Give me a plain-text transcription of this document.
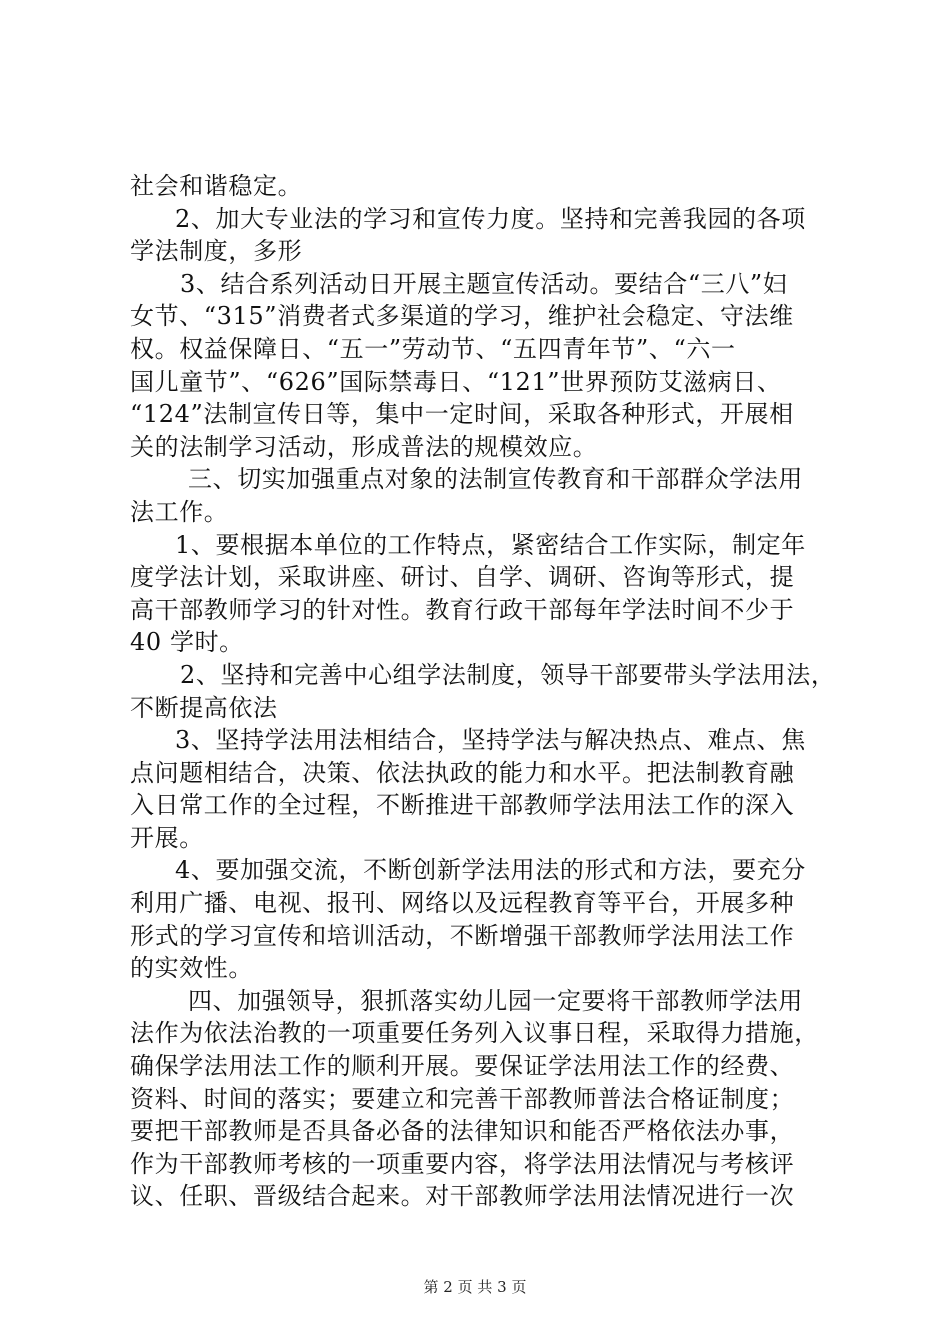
社会和谐稳定。
2、加大专业法的学习和宣传力度。坚持和完善我园的各项
学法制度，多形
3、结合系列活动日开展主题宣传活动。要结合“三八”妇
女节、“315”消费者式多渠道的学习，维护社会稳定、守法维
权。权益保障日、“五一”劳动节、“五四青年节”、“六一
国儿童节”、“626”国际禁毒日、“121”世界预防艾滋病日、
“124”法制宣传日等，集中一定时间，采取各种形式，开展相
关的法制学习活动，形成普法的规模效应。
三、切实加强重点对象的法制宣传教育和干部群众学法用
法工作。
1、要根据本单位的工作特点，紧密结合工作实际，制定年
度学法计划，采取讲座、研讨、自学、调研、咨询等形式，提
高干部教师学习的针对性。教育行政干部每年学法时间不少于
40 学时。
2、坚持和完善中心组学法制度，领导干部要带头学法用法，
不断提高依法
3、坚持学法用法相结合，坚持学法与解决热点、难点、焦
点问题相结合，决策、依法执政的能力和水平。把法制教育融
入日常工作的全过程，不断推进干部教师学法用法工作的深入
开展。
4、要加强交流，不断创新学法用法的形式和方法，要充分
利用广播、电视、报刊、网络以及远程教育等平台，开展多种
形式的学习宣传和培训活动，不断增强干部教师学法用法工作
的实效性。
四、加强领导，狠抓落实幼儿园一定要将干部教师学法用
法作为依法治教的一项重要任务列入议事日程，采取得力措施，
确保学法用法工作的顺利开展。要保证学法用法工作的经费、
资料、时间的落实；要建立和完善干部教师普法合格证制度；
要把干部教师是否具备必备的法律知识和能否严格依法办事，
作为干部教师考核的一项重要内容，将学法用法情况与考核评
议、任职、晋级结合起来。对干部教师学法用法情况进行一次
第 2 页 共 3 页
